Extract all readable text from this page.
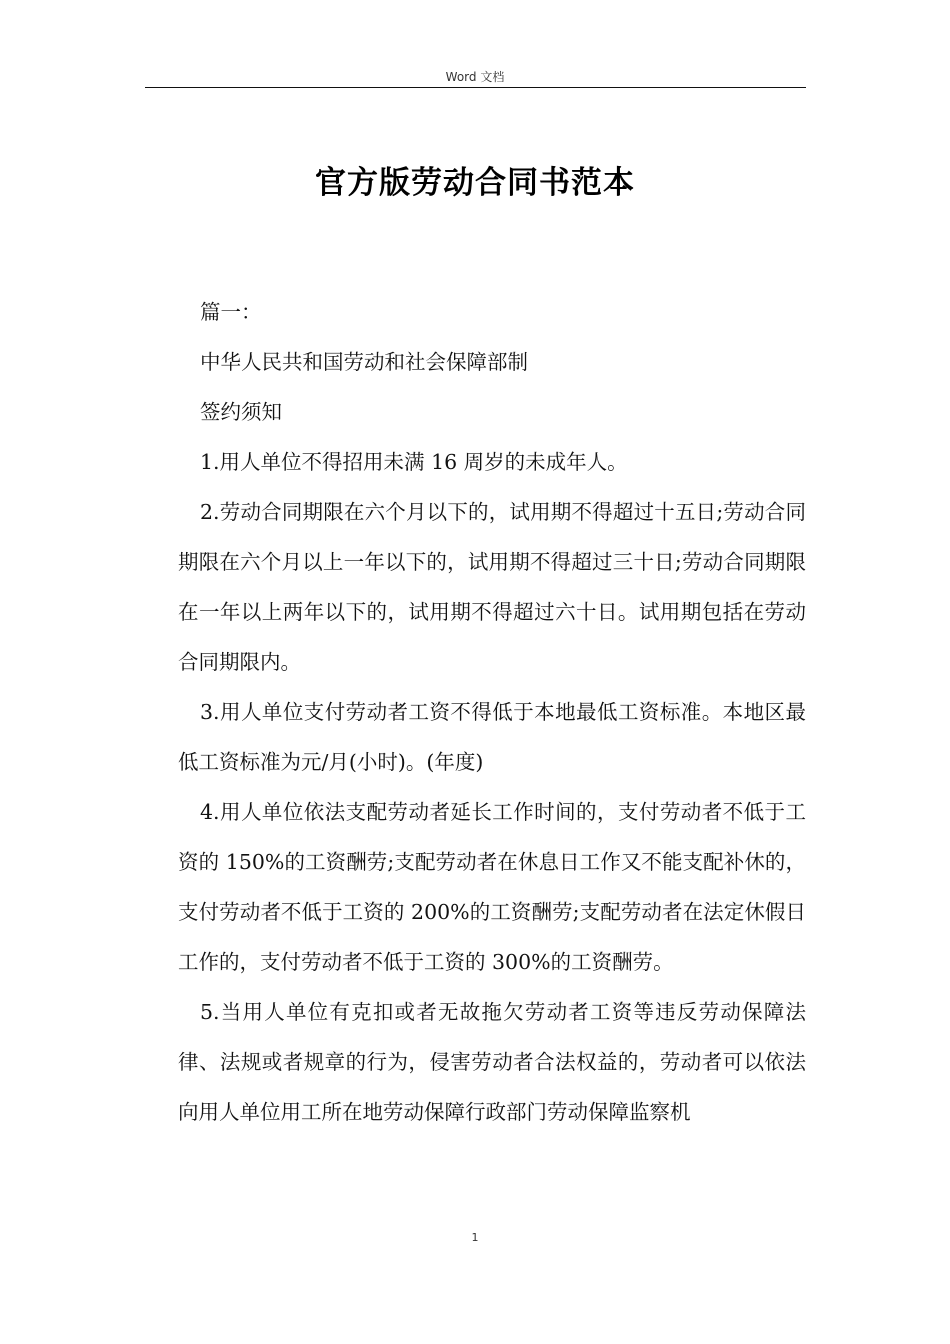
Word 文档
官方版劳动合同书范本

篇一：

中华人民共和国劳动和社会保障部制

签约须知

1.用人单位不得招用未满 16 周岁的未成年人。

2.劳动合同期限在六个月以下的，试用期不得超过十五日;劳动合同期限在六个月以上一年以下的，试用期不得超过三十日;劳动合同期限在一年以上两年以下的，试用期不得超过六十日。试用期包括在劳动合同期限内。

3.用人单位支付劳动者工资不得低于本地最低工资标准。本地区最低工资标准为元/月(小时)。(年度)

4.用人单位依法支配劳动者延长工作时间的，支付劳动者不低于工资的 150%的工资酬劳;支配劳动者在休息日工作又不能支配补休的，支付劳动者不低于工资的 200%的工资酬劳;支配劳动者在法定休假日工作的，支付劳动者不低于工资的 300%的工资酬劳。

5.当用人单位有克扣或者无故拖欠劳动者工资等违反劳动保障法律、法规或者规章的行为，侵害劳动者合法权益的，劳动者可以依法向用人单位用工所在地劳动保障行政部门劳动保障监察机

1
